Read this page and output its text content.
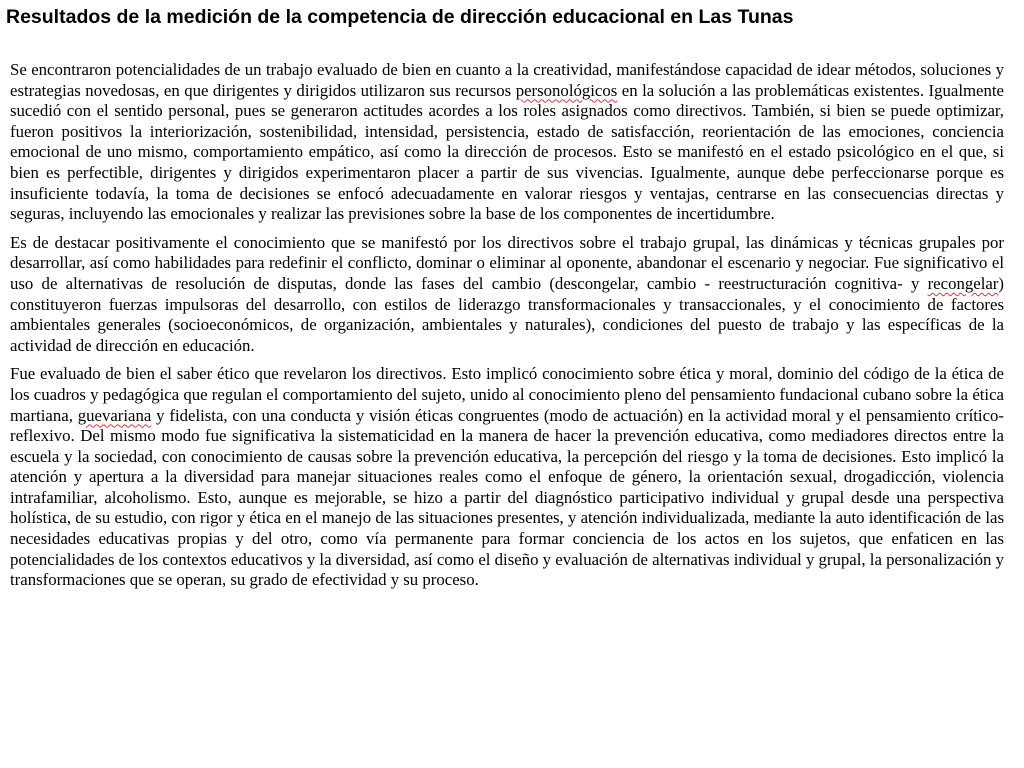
Resultados de la medición de la competencia de dirección educacional en Las Tunas

Se encontraron potencialidades de un trabajo evaluado de bien en cuanto a la creatividad, manifestándose capacidad de idear métodos, soluciones y estrategias novedosas, en que dirigentes y dirigidos utilizaron sus recursos personológicos en la solución a las problemáticas existentes. Igualmente sucedió con el sentido personal, pues se generaron actitudes acordes a los roles asignados como directivos. También, si bien se puede optimizar, fueron positivos la interiorización, sostenibilidad, intensidad, persistencia, estado de satisfacción, reorientación de las emociones, conciencia emocional de uno mismo, comportamiento empático, así como la dirección de procesos. Esto se manifestó en el estado psicológico en el que, si bien es perfectible, dirigentes y dirigidos experimentaron placer a partir de sus vivencias. Igualmente, aunque debe perfeccionarse porque es insuficiente todavía, la toma de decisiones se enfocó adecuadamente en valorar riesgos y ventajas, centrarse en las consecuencias directas y seguras, incluyendo las emocionales y realizar las previsiones sobre la base de los componentes de incertidumbre.

Es de destacar positivamente el conocimiento que se manifestó por los directivos sobre el trabajo grupal, las dinámicas y técnicas grupales por desarrollar, así como habilidades para redefinir el conflicto, dominar o eliminar al oponente, abandonar el escenario y negociar. Fue significativo el uso de alternativas de resolución de disputas, donde las fases del cambio (descongelar, cambio - reestructuración cognitiva- y recongelar) constituyeron fuerzas impulsoras del desarrollo, con estilos de liderazgo transformacionales y transaccionales, y el conocimiento de factores ambientales generales (socioeconómicos, de organización, ambientales y naturales), condiciones del puesto de trabajo y las específicas de la actividad de dirección en educación.

Fue evaluado de bien el saber ético que revelaron los directivos. Esto implicó conocimiento sobre ética y moral, dominio del código de la ética de los cuadros y pedagógica que regulan el comportamiento del sujeto, unido al conocimiento pleno del pensamiento fundacional cubano sobre la ética martiana, guevariana y fidelista, con una conducta y visión éticas congruentes (modo de actuación) en la actividad moral y el pensamiento crítico-reflexivo. Del mismo modo fue significativa la sistematicidad en la manera de hacer la prevención educativa, como mediadores directos entre la escuela y la sociedad, con conocimiento de causas sobre la prevención educativa, la percepción del riesgo y la toma de decisiones. Esto implicó la atención y apertura a la diversidad para manejar situaciones reales como el enfoque de género, la orientación sexual, drogadicción, violencia intrafamiliar, alcoholismo. Esto, aunque es mejorable, se hizo a partir del diagnóstico participativo individual y grupal desde una perspectiva holística, de su estudio, con rigor y ética en el manejo de las situaciones presentes, y atención individualizada, mediante la auto identificación de las necesidades educativas propias y del otro, como vía permanente para formar conciencia de los actos en los sujetos, que enfaticen en las potencialidades de los contextos educativos y la diversidad, así como el diseño y evaluación de alternativas individual y grupal, la personalización y transformaciones que se operan, su grado de efectividad y su proceso.
